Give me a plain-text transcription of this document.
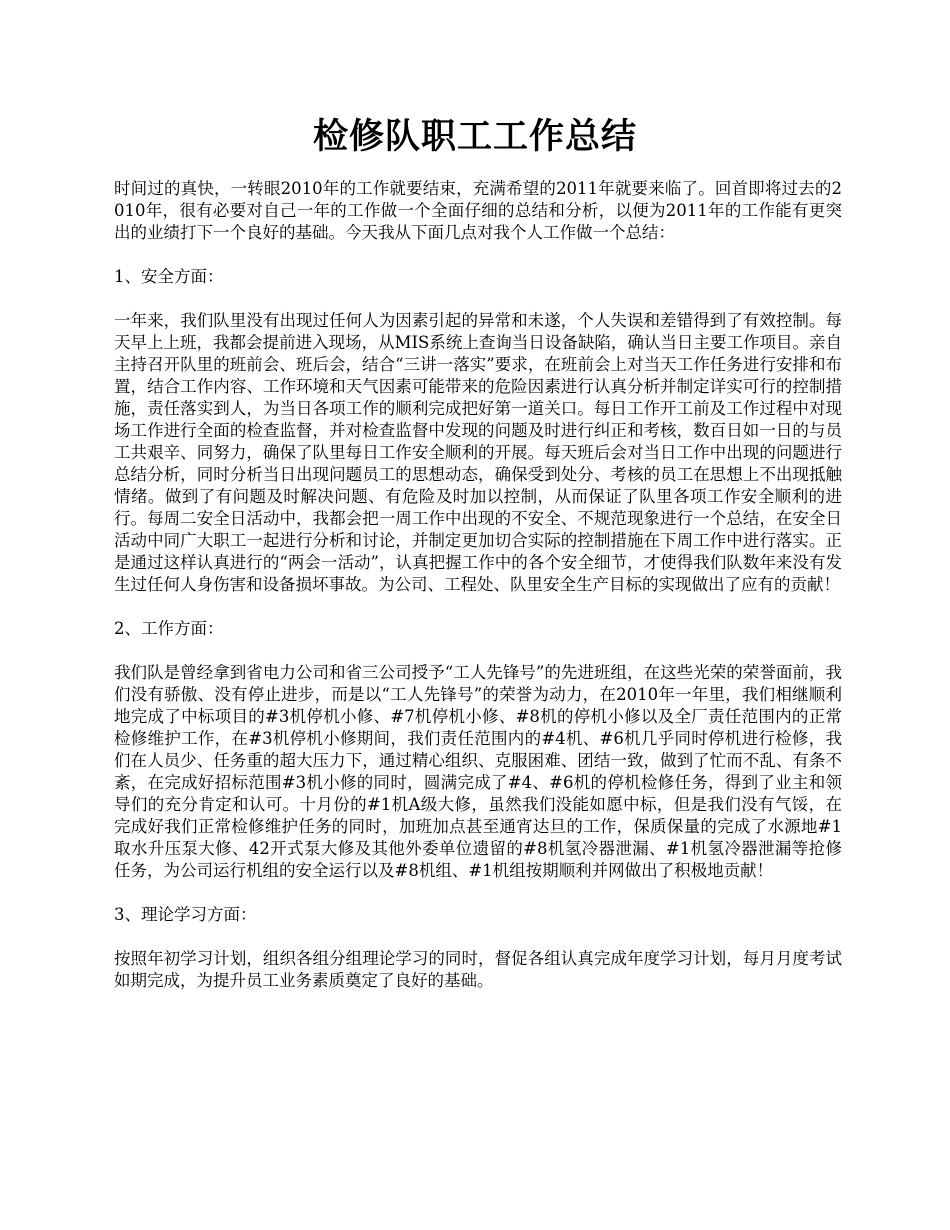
检修队职工工作总结

时间过的真快，一转眼2010年的工作就要结束，充满希望的2011年就要来临了。回首即将过去的2010年，很有必要对自己一年的工作做一个全面仔细的总结和分析，以便为2011年的工作能有更突出的业绩打下一个良好的基础。今天我从下面几点对我个人工作做一个总结：

1、安全方面：

一年来，我们队里没有出现过任何人为因素引起的异常和未遂，个人失误和差错得到了有效控制。每天早上上班，我都会提前进入现场，从MIS系统上查询当日设备缺陷，确认当日主要工作项目。亲自主持召开队里的班前会、班后会，结合“三讲一落实”要求，在班前会上对当天工作任务进行安排和布置，结合工作内容、工作环境和天气因素可能带来的危险因素进行认真分析并制定详实可行的控制措施，责任落实到人，为当日各项工作的顺利完成把好第一道关口。每日工作开工前及工作过程中对现场工作进行全面的检查监督，并对检查监督中发现的问题及时进行纠正和考核，数百日如一日的与员工共艰辛、同努力，确保了队里每日工作安全顺利的开展。每天班后会对当日工作中出现的问题进行总结分析，同时分析当日出现问题员工的思想动态，确保受到处分、考核的员工在思想上不出现抵触情绪。做到了有问题及时解决问题、有危险及时加以控制，从而保证了队里各项工作安全顺利的进行。每周二安全日活动中，我都会把一周工作中出现的不安全、不规范现象进行一个总结，在安全日活动中同广大职工一起进行分析和讨论，并制定更加切合实际的控制措施在下周工作中进行落实。正是通过这样认真进行的“两会一活动”，认真把握工作中的各个安全细节，才使得我们队数年来没有发生过任何人身伤害和设备损坏事故。为公司、工程处、队里安全生产目标的实现做出了应有的贡献！

2、工作方面：

我们队是曾经拿到省电力公司和省三公司授予“工人先锋号”的先进班组，在这些光荣的荣誉面前，我们没有骄傲、没有停止进步，而是以“工人先锋号”的荣誉为动力，在2010年一年里，我们相继顺利地完成了中标项目的#3机停机小修、#7机停机小修、#8机的停机小修以及全厂责任范围内的正常检修维护工作，在#3机停机小修期间，我们责任范围内的#4机、#6机几乎同时停机进行检修，我们在人员少、任务重的超大压力下，通过精心组织、克服困难、团结一致，做到了忙而不乱、有条不紊，在完成好招标范围#3机小修的同时，圆满完成了#4、#6机的停机检修任务，得到了业主和领导们的充分肯定和认可。十月份的#1机A级大修，虽然我们没能如愿中标，但是我们没有气馁，在完成好我们正常检修维护任务的同时，加班加点甚至通宵达旦的工作，保质保量的完成了水源地#1取水升压泵大修、42开式泵大修及其他外委单位遗留的#8机氢冷器泄漏、#1机氢冷器泄漏等抢修任务，为公司运行机组的安全运行以及#8机组、#1机组按期顺利并网做出了积极地贡献！

3、理论学习方面：

按照年初学习计划，组织各组分组理论学习的同时，督促各组认真完成年度学习计划，每月月度考试如期完成，为提升员工业务素质奠定了良好的基础。
